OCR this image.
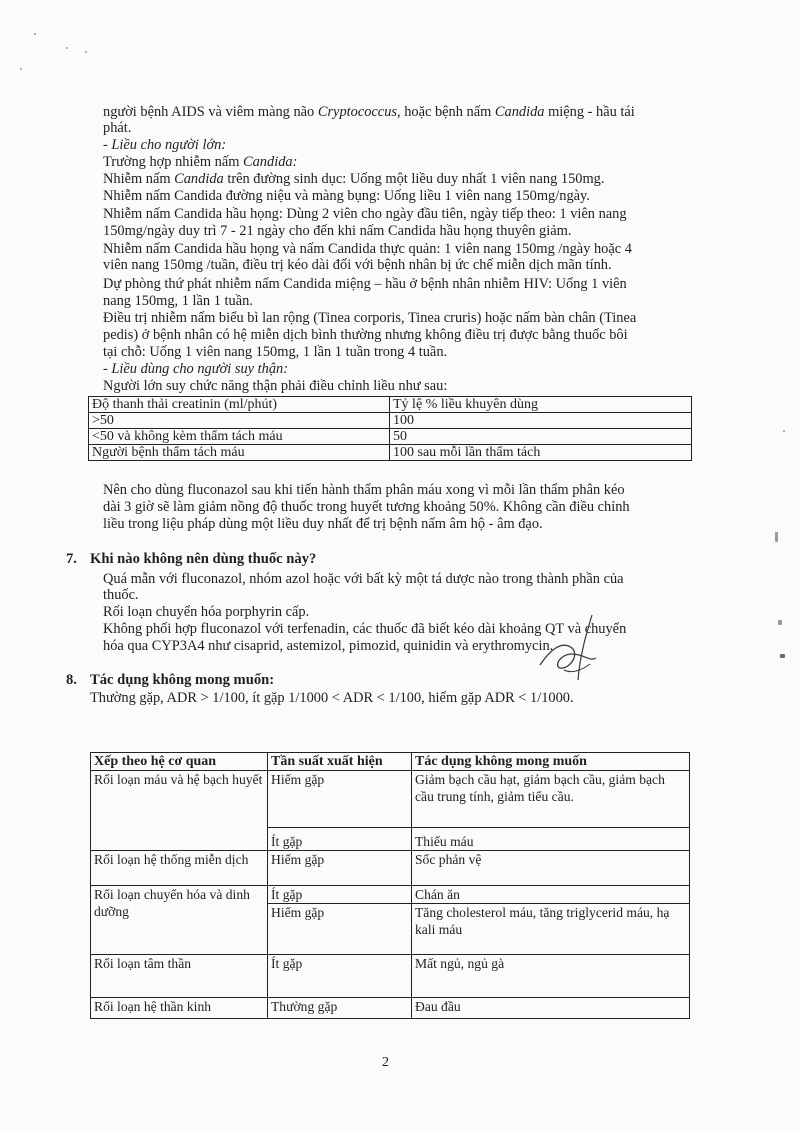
người bệnh AIDS và viêm màng não Cryptococcus, hoặc bệnh nấm Candida miệng - hầu tái
phát.
- Liều cho người lớn:
Trường hợp nhiễm nấm Candida:
Nhiễm nấm Candida trên đường sinh dục: Uống một liều duy nhất 1 viên nang 150mg.
Nhiễm nấm Candida đường niệu và màng bụng: Uống liều 1 viên nang 150mg/ngày.
Nhiễm nấm Candida hầu họng: Dùng 2 viên cho ngày đầu tiên, ngày tiếp theo: 1 viên nang
150mg/ngày duy trì 7 - 21 ngày cho đến khi nấm Candida hầu họng thuyên giảm.
Nhiễm nấm Candida hầu họng và nấm Candida thực quản: 1 viên nang 150mg /ngày hoặc 4
viên nang 150mg /tuần, điều trị kéo dài đối với bệnh nhân bị ức chế miễn dịch mãn tính.
Dự phòng thứ phát nhiễm nấm Candida miệng – hầu ở bệnh nhân nhiễm HIV: Uống 1 viên
nang 150mg, 1 lần 1 tuần.
Điều trị nhiễm nấm biểu bì lan rộng (Tinea corporis, Tinea cruris) hoặc nấm bàn chân (Tinea
pedis) ở bệnh nhân có hệ miễn dịch bình thường nhưng không điều trị được bằng thuốc bôi
tại chỗ: Uống 1 viên nang 150mg, 1 lần 1 tuần trong 4 tuần.
- Liều dùng cho người suy thận:
Người lớn suy chức năng thận phải điều chỉnh liều như sau:
Độ thanh thải creatinin (ml/phút)	Tỷ lệ % liều khuyên dùng
>50	100
<50 và không kèm thẩm tách máu	50
Người bệnh thẩm tách máu	100 sau mỗi lần thẩm tách
Nên cho dùng fluconazol sau khi tiến hành thẩm phân máu xong vì mỗi lần thẩm phân kéo
dài 3 giờ sẽ làm giảm nồng độ thuốc trong huyết tương khoảng 50%. Không cần điều chỉnh
liều trong liệu pháp dùng một liều duy nhất để trị bệnh nấm âm hộ - âm đạo.
7. Khi nào không nên dùng thuốc này?
Quá mẫn với fluconazol, nhóm azol hoặc với bất kỳ một tá dược nào trong thành phần của
thuốc.
Rối loạn chuyển hóa porphyrin cấp.
Không phối hợp fluconazol với terfenadin, các thuốc đã biết kéo dài khoảng QT và chuyển
hóa qua CYP3A4 như cisaprid, astemizol, pimozid, quinidin và erythromycin.
8. Tác dụng không mong muốn:
Thường gặp, ADR > 1/100, ít gặp 1/1000 < ADR < 1/100, hiếm gặp ADR < 1/1000.
Xếp theo hệ cơ quan	Tần suất xuất hiện	Tác dụng không mong muốn
Rối loạn máu và hệ bạch huyết	Hiếm gặp	Giảm bạch cầu hạt, giảm bạch cầu, giảm bạch cầu trung tính, giảm tiểu cầu.
	Ít gặp	Thiếu máu
Rối loạn hệ thống miễn dịch	Hiếm gặp	Sốc phản vệ
Rối loạn chuyển hóa và dinh dưỡng	Ít gặp	Chán ăn
	Hiếm gặp	Tăng cholesterol máu, tăng triglycerid máu, hạ kali máu
Rối loạn tâm thần	Ít gặp	Mất ngủ, ngủ gà
Rối loạn hệ thần kinh	Thường gặp	Đau đầu
2
